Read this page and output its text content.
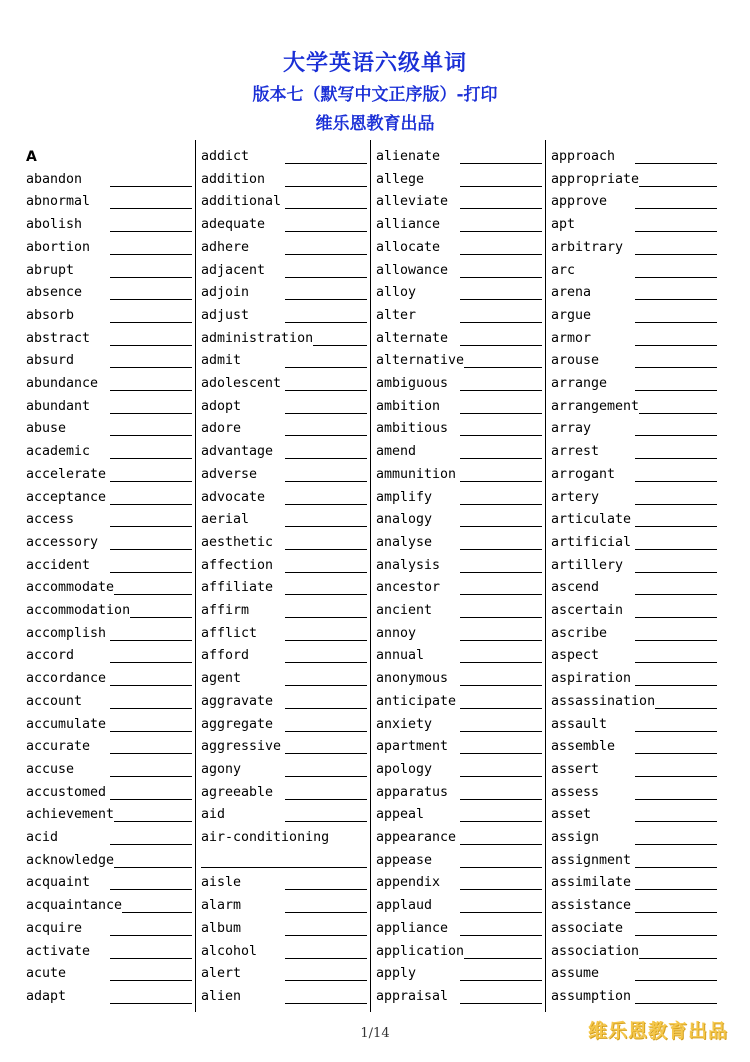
大学英语六级单词
版本七（默写中文正序版）-打印
维乐恩教育出品
A
abandon
abnormal
abolish
abortion
abrupt
absence
absorb
abstract
absurd
abundance
abundant
abuse
academic
accelerate
acceptance
access
accessory
accident
accommodate
accommodation
accomplish
accord
accordance
account
accumulate
accurate
accuse
accustomed
achievement
acid
acknowledge
acquaint
acquaintance
acquire
activate
acute
adapt
addict
addition
additional
adequate
adhere
adjacent
adjoin
adjust
administration
admit
adolescent
adopt
adore
advantage
adverse
advocate
aerial
aesthetic
affection
affiliate
affirm
afflict
afford
agent
aggravate
aggregate
aggressive
agony
agreeable
aid
air-conditioning
aisle
alarm
album
alcohol
alert
alien
alienate
allege
alleviate
alliance
allocate
allowance
alloy
alter
alternate
alternative
ambiguous
ambition
ambitious
amend
ammunition
amplify
analogy
analyse
analysis
ancestor
ancient
annoy
annual
anonymous
anticipate
anxiety
apartment
apology
apparatus
appeal
appearance
appease
appendix
applaud
appliance
application
apply
appraisal
approach
appropriate
approve
apt
arbitrary
arc
arena
argue
armor
arouse
arrange
arrangement
array
arrest
arrogant
artery
articulate
artificial
artillery
ascend
ascertain
ascribe
aspect
aspiration
assassination
assault
assemble
assert
assess
asset
assign
assignment
assimilate
assistance
associate
association
assume
assumption
1/14	维乐恩教育出品
